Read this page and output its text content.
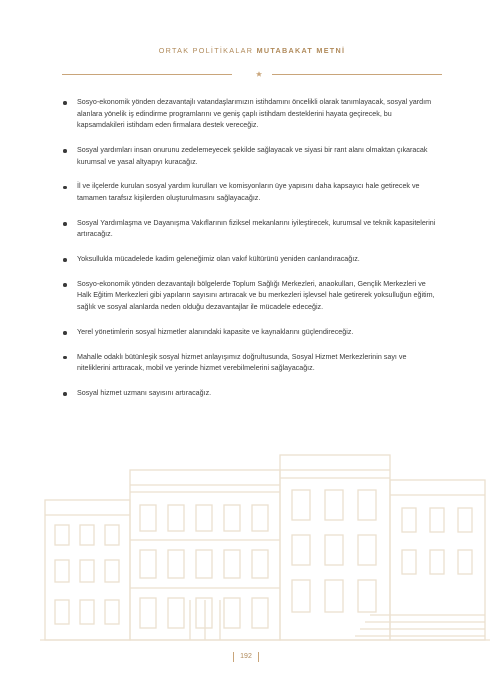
ORTAK POLİTİKALAR MUTABAKAT METNİ
Sosyo-ekonomik yönden dezavantajlı vatandaşlarımızın istihdamını öncelikli olarak tanımlayacak, sosyal yardım alanlara yönelik iş edindirme programlarını ve geniş çaplı istihdam desteklerini hayata geçirecek, bu kapsamdakileri istihdam eden firmalara destek vereceğiz.
Sosyal yardımları insan onurunu zedelemeyecek şekilde sağlayacak ve siyasi bir rant alanı olmaktan çıkaracak kurumsal ve yasal altyapıyı kuracağız.
İl ve ilçelerde kurulan sosyal yardım kurulları ve komisyonların üye yapısını daha kapsayıcı hale getirecek ve tamamen tarafsız kişilerden oluşturulmasını sağlayacağız.
Sosyal Yardımlaşma ve Dayanışma Vakıflarının fiziksel mekanlarını iyileştirecek, kurumsal ve teknik kapasitelerini artıracağız.
Yoksullukla mücadelede kadim geleneğimiz olan vakıf kültürünü yeniden canlandıracağız.
Sosyo-ekonomik yönden dezavantajlı bölgelerde Toplum Sağlığı Merkezleri, anaokulları, Gençlik Merkezleri ve Halk Eğitim Merkezleri gibi yapıların sayısını artıracak ve bu merkezleri işlevsel hale getirerek yoksulluğun eğitim, sağlık ve sosyal alanlarda neden olduğu dezavantajlar ile mücadele edeceğiz.
Yerel yönetimlerin sosyal hizmetler alanındaki kapasite ve kaynaklarını güçlendireceğiz.
Mahalle odaklı bütünleşik sosyal hizmet anlayışımız doğrultusunda, Sosyal Hizmet Merkezlerinin sayı ve niteliklerini arttıracak, mobil ve yerinde hizmet verebilmelerini sağlayacağız.
Sosyal hizmet uzmanı sayısını artıracağız.
192
